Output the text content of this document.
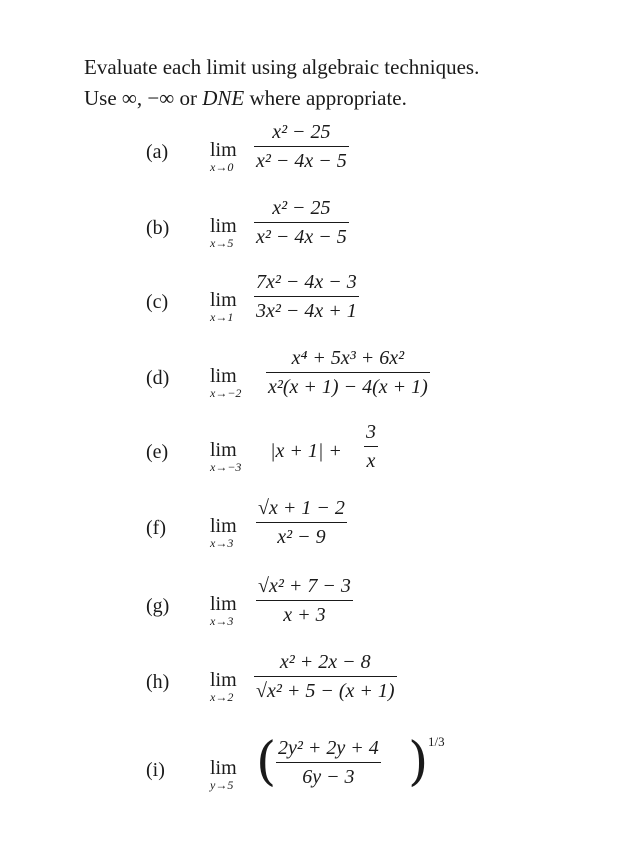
Evaluate each limit using algebraic techniques.
Use ∞, −∞ or DNE where appropriate.
(a) lim
x→0
x² − 25
x² − 4x − 5
(b) lim
x→5
x² − 25
x² − 4x − 5
(c) lim
x→1
7x² − 4x − 3
3x² − 4x + 1
(d) lim
x→−2
x⁴ + 5x³ + 6x²
x²(x + 1) − 4(x + 1)
(e) lim
x→−3
|x + 1| +
3
x
(f) lim
x→3
√x + 1 − 2
x² − 9
(g) lim
x→3
√x² + 7 − 3
x + 3
(h) lim
x→2
x² + 2x − 8
√x² + 5 − (x + 1)
(i) lim
y→5 ( 2y² + 2y + 4
6y − 3	) 1/3
